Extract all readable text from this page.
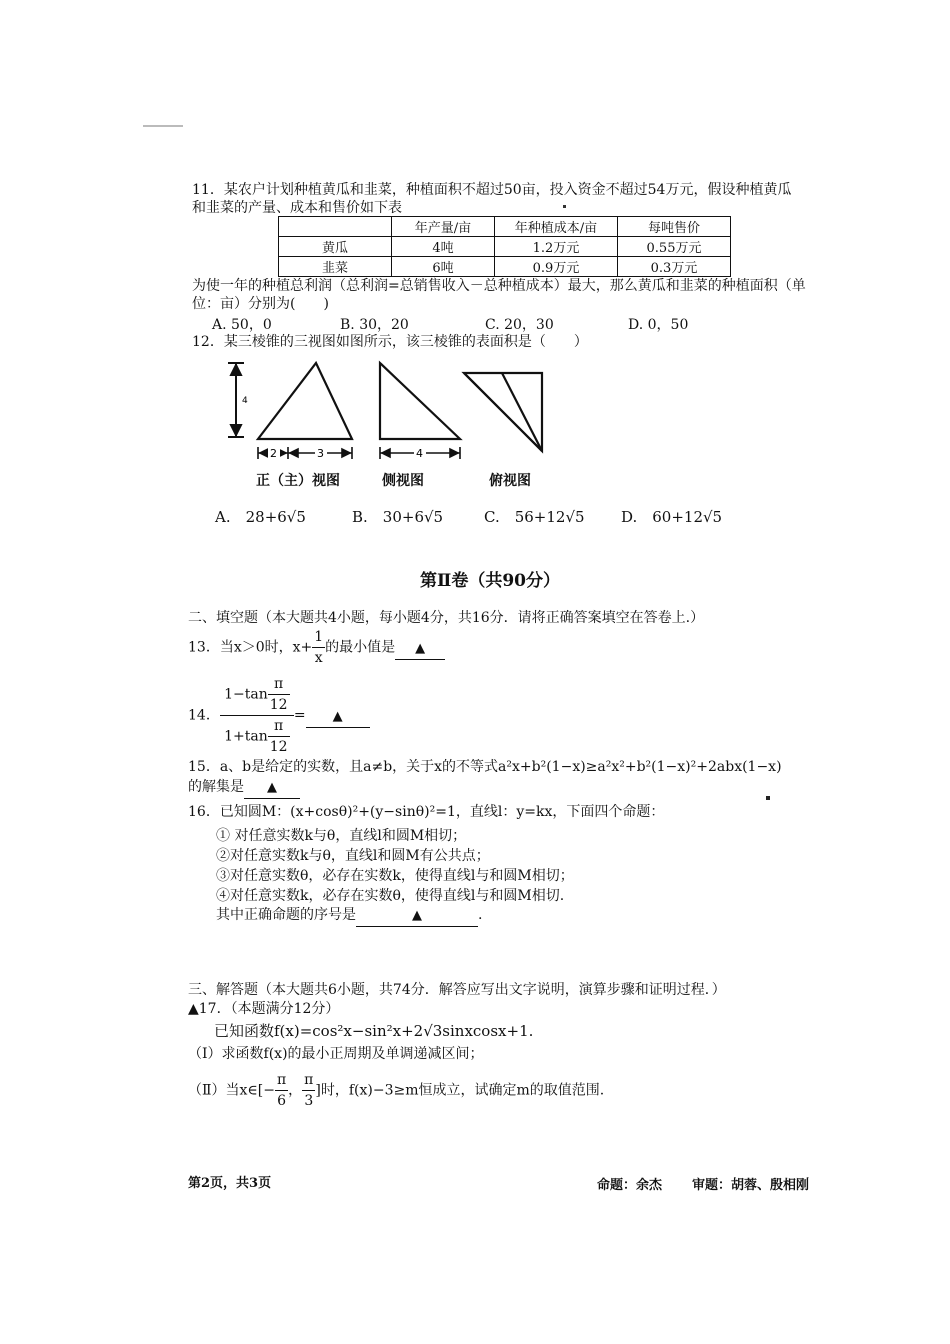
11．某农户计划种植黄瓜和韭菜，种植面积不超过50亩，投入资金不超过54万元，假设种植黄瓜
和韭菜的产量、成本和售价如下表
	年产量/亩	年种植成本/亩	每吨售价
黄瓜	4吨	1.2万元	0.55万元
韭菜	6吨	0.9万元	0.3万元
为使一年的种植总利润（总利润=总销售收入－总种植成本）最大，那么黄瓜和韭菜的种植面积（单
位：亩）分别为(　　)
A. 50，0	B. 30，20	C. 20，30	D. 0，50
12．某三棱锥的三视图如图所示，该三棱锥的表面积是（　　）
4
2	3	4
正（主）视图	侧视图	俯视图
A.　28+6√5	B.　30+6√5	C.　56+12√5 D.　60+12√5
第Ⅱ卷（共90分）
二、填空题（本大题共4小题，每小题4分，共16分．请将正确答案填空在答卷上.）
13．当x＞0时，$x+ \frac{1}{x}$ 的最小值是 ▲
14． $\frac{1-\tan \frac{\pi}{12}}{1+\tan \frac{\pi}{12}}$ = ▲
15．a、b是给定的实数，且a≠b，关于x的不等式a²x+b²(1−x)≥a²x²+b²(1−x)²+2abx(1−x)
的解集是 ▲
16．已知圆M：(x+cosθ)²+(y−sinθ)²=1，直线l：y=kx，下面四个命题：
① 对任意实数k与θ，直线l和圆M相切；
②对任意实数k与θ，直线l和圆M有公共点；
③对任意实数θ，必存在实数k，使得直线l与和圆M相切；
④对任意实数k，必存在实数θ，使得直线l与和圆M相切.
其中正确命题的序号是	▲	.
三、解答题（本大题共6小题，共74分．解答应写出文字说明，演算步骤和证明过程．）
▲17．（本题满分12分）
已知函数f(x)=cos²x−sin²x+2√3sinxcosx+1.
（Ⅰ）求函数f(x)的最小正周期及单调递减区间；
（Ⅱ）当x∈[− $\frac{\pi}{6}$ ， $\frac{\pi}{3}$ ]时，f(x)−3≥m恒成立，试确定m的取值范围.
第2页，共3页	命题：余杰 审题：胡蓉、殷相刚
